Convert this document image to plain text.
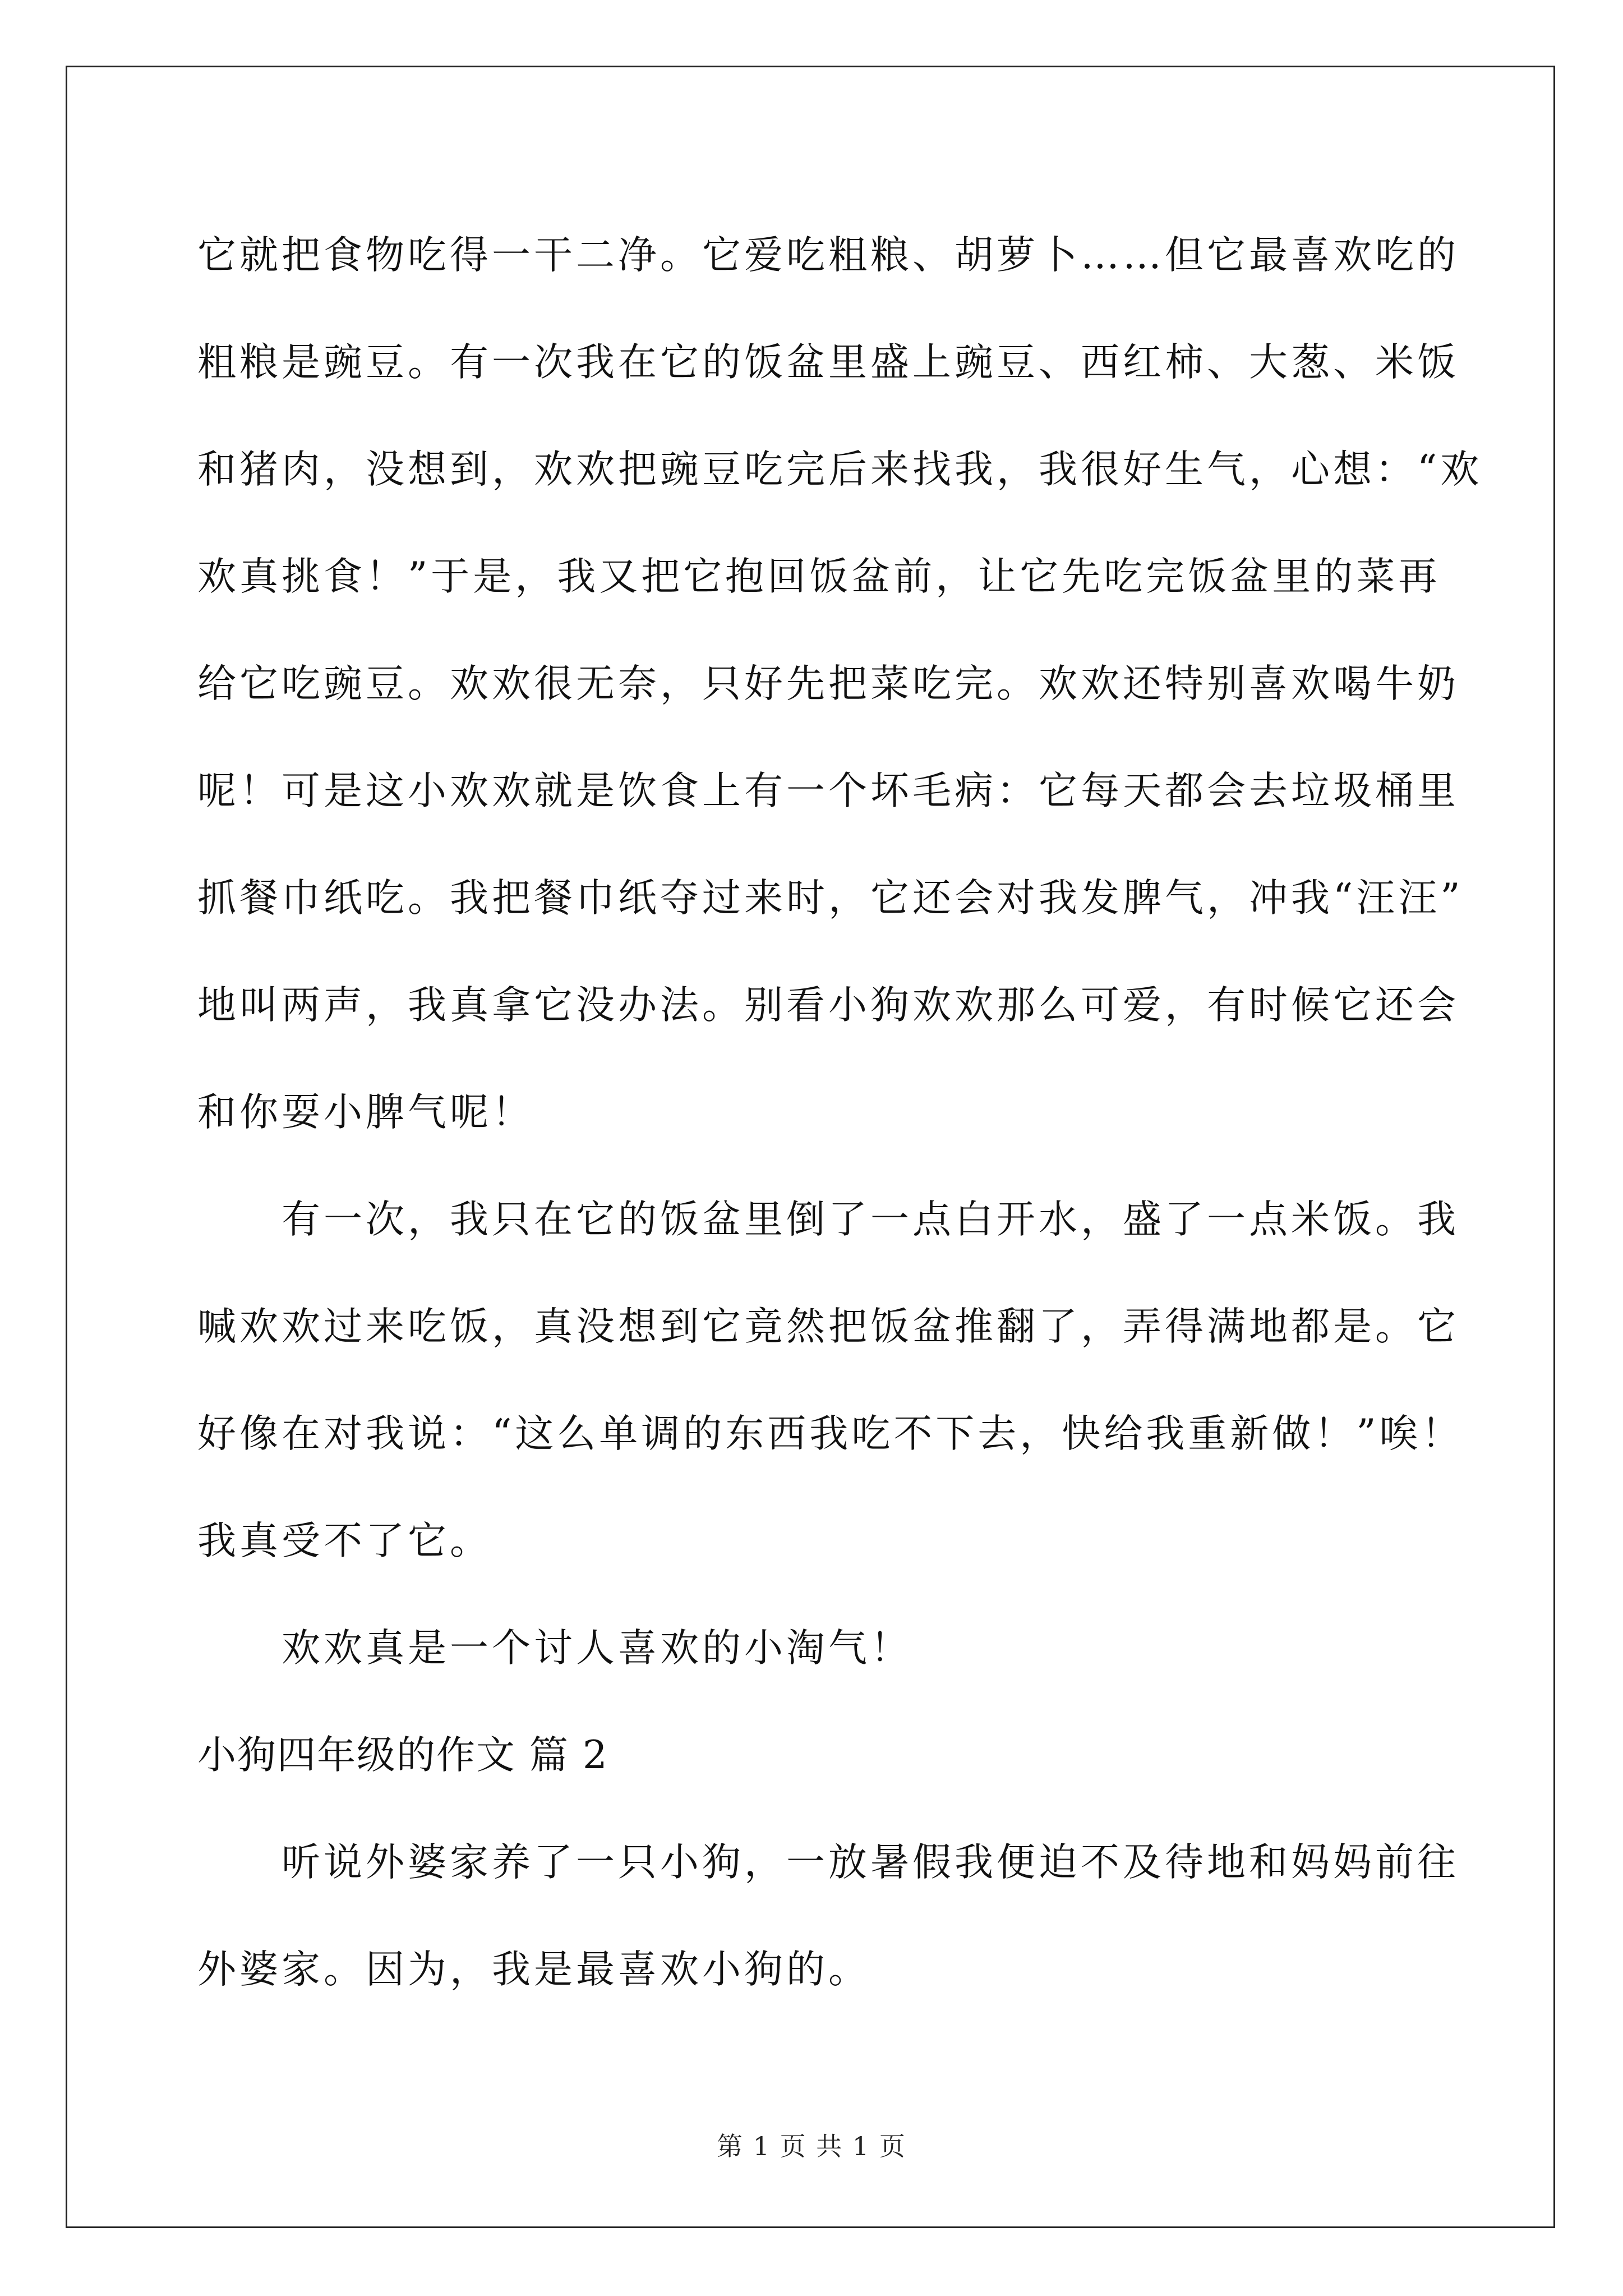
它就把食物吃得一干二净。它爱吃粗粮、胡萝卜……但它最喜欢吃的
粗粮是豌豆。有一次我在它的饭盆里盛上豌豆、西红柿、大葱、米饭
和猪肉，没想到，欢欢把豌豆吃完后来找我，我很好生气，心想：“欢
欢真挑食！”于是，我又把它抱回饭盆前，让它先吃完饭盆里的菜再
给它吃豌豆。欢欢很无奈，只好先把菜吃完。欢欢还特别喜欢喝牛奶
呢！可是这小欢欢就是饮食上有一个坏毛病：它每天都会去垃圾桶里
抓餐巾纸吃。我把餐巾纸夺过来时，它还会对我发脾气，冲我“汪汪”
地叫两声，我真拿它没办法。别看小狗欢欢那么可爱，有时候它还会
和你耍小脾气呢！
有一次，我只在它的饭盆里倒了一点白开水，盛了一点米饭。我
喊欢欢过来吃饭，真没想到它竟然把饭盆推翻了，弄得满地都是。它
好像在对我说：“这么单调的东西我吃不下去，快给我重新做！”唉！
我真受不了它。
欢欢真是一个讨人喜欢的小淘气！
小狗四年级的作文 篇 2
听说外婆家养了一只小狗，一放暑假我便迫不及待地和妈妈前往
外婆家。因为，我是最喜欢小狗的。
第 1 页 共 1 页
